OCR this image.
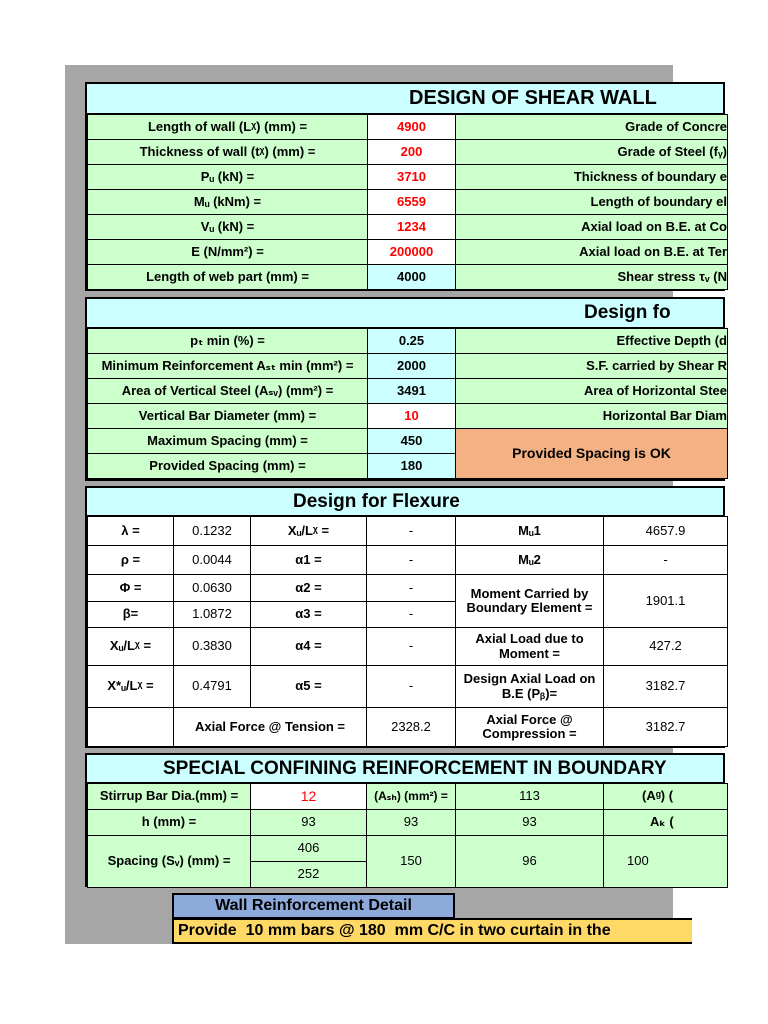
DESIGN OF SHEAR WALL
Length of wall (Lᵡ) (mm) =	4900	Grade of Concre
Thickness of wall (tᵡ) (mm) =	200	Grade of Steel (fᵧ)
Pᵤ (kN) =	3710	Thickness of boundary e
Mᵤ (kNm) =	6559	Length of boundary el
Vᵤ (kN) =	1234	Axial load on B.E. at Co
E (N/mm²) =	200000	Axial load on B.E. at Ter
Length of web part (mm) =	4000	Shear stress τᵥ (N
Design fo
pₜ min (%) =	0.25	Effective Depth (d
Minimum Reinforcement Aₛₜ min (mm²) =	2000	S.F. carried by Shear R
Area of Vertical Steel (Aₛᵥ) (mm²) =	3491	Area of Horizontal Stee
Vertical Bar Diameter (mm) =	10	Horizontal Bar Diam
Maximum Spacing (mm) =	450	Provided Spacing is OK
Provided Spacing (mm) =	180	
Design for Flexure
λ =	0.1232	Xᵤ/Lᵡ =	-	Mᵤ1	4657.9
ρ =	0.0044	α1 =	-	Mᵤ2	-
Φ =	0.0630	α2 =	-	Moment Carried by Boundary Element =	1901.1
β=	1.0872	α3 =	-		
Xᵤ/Lᵡ =	0.3830	α4 =	-	Axial Load due to Moment =	427.2
X*ᵤ/Lᵡ =	0.4791	α5 =	-	Design Axial Load on B.E (Pᵦ)=	3182.7
	Axial Force @ Tension =		2328.2	Axial Force @ Compression =	3182.7
SPECIAL CONFINING REINFORCEMENT IN BOUNDARY
Stirrup Bar Dia.(mm) =	12	(Aₛₕ) (mm²) =	113	(Aᵍ) (
h (mm) =	93	93	93	Aₖ (
Spacing (Sᵥ) (mm) =	406	150	96	100
	252			
Wall Reinforcement Detail
Provide  10 mm bars @ 180  mm C/C in two curtain in the
